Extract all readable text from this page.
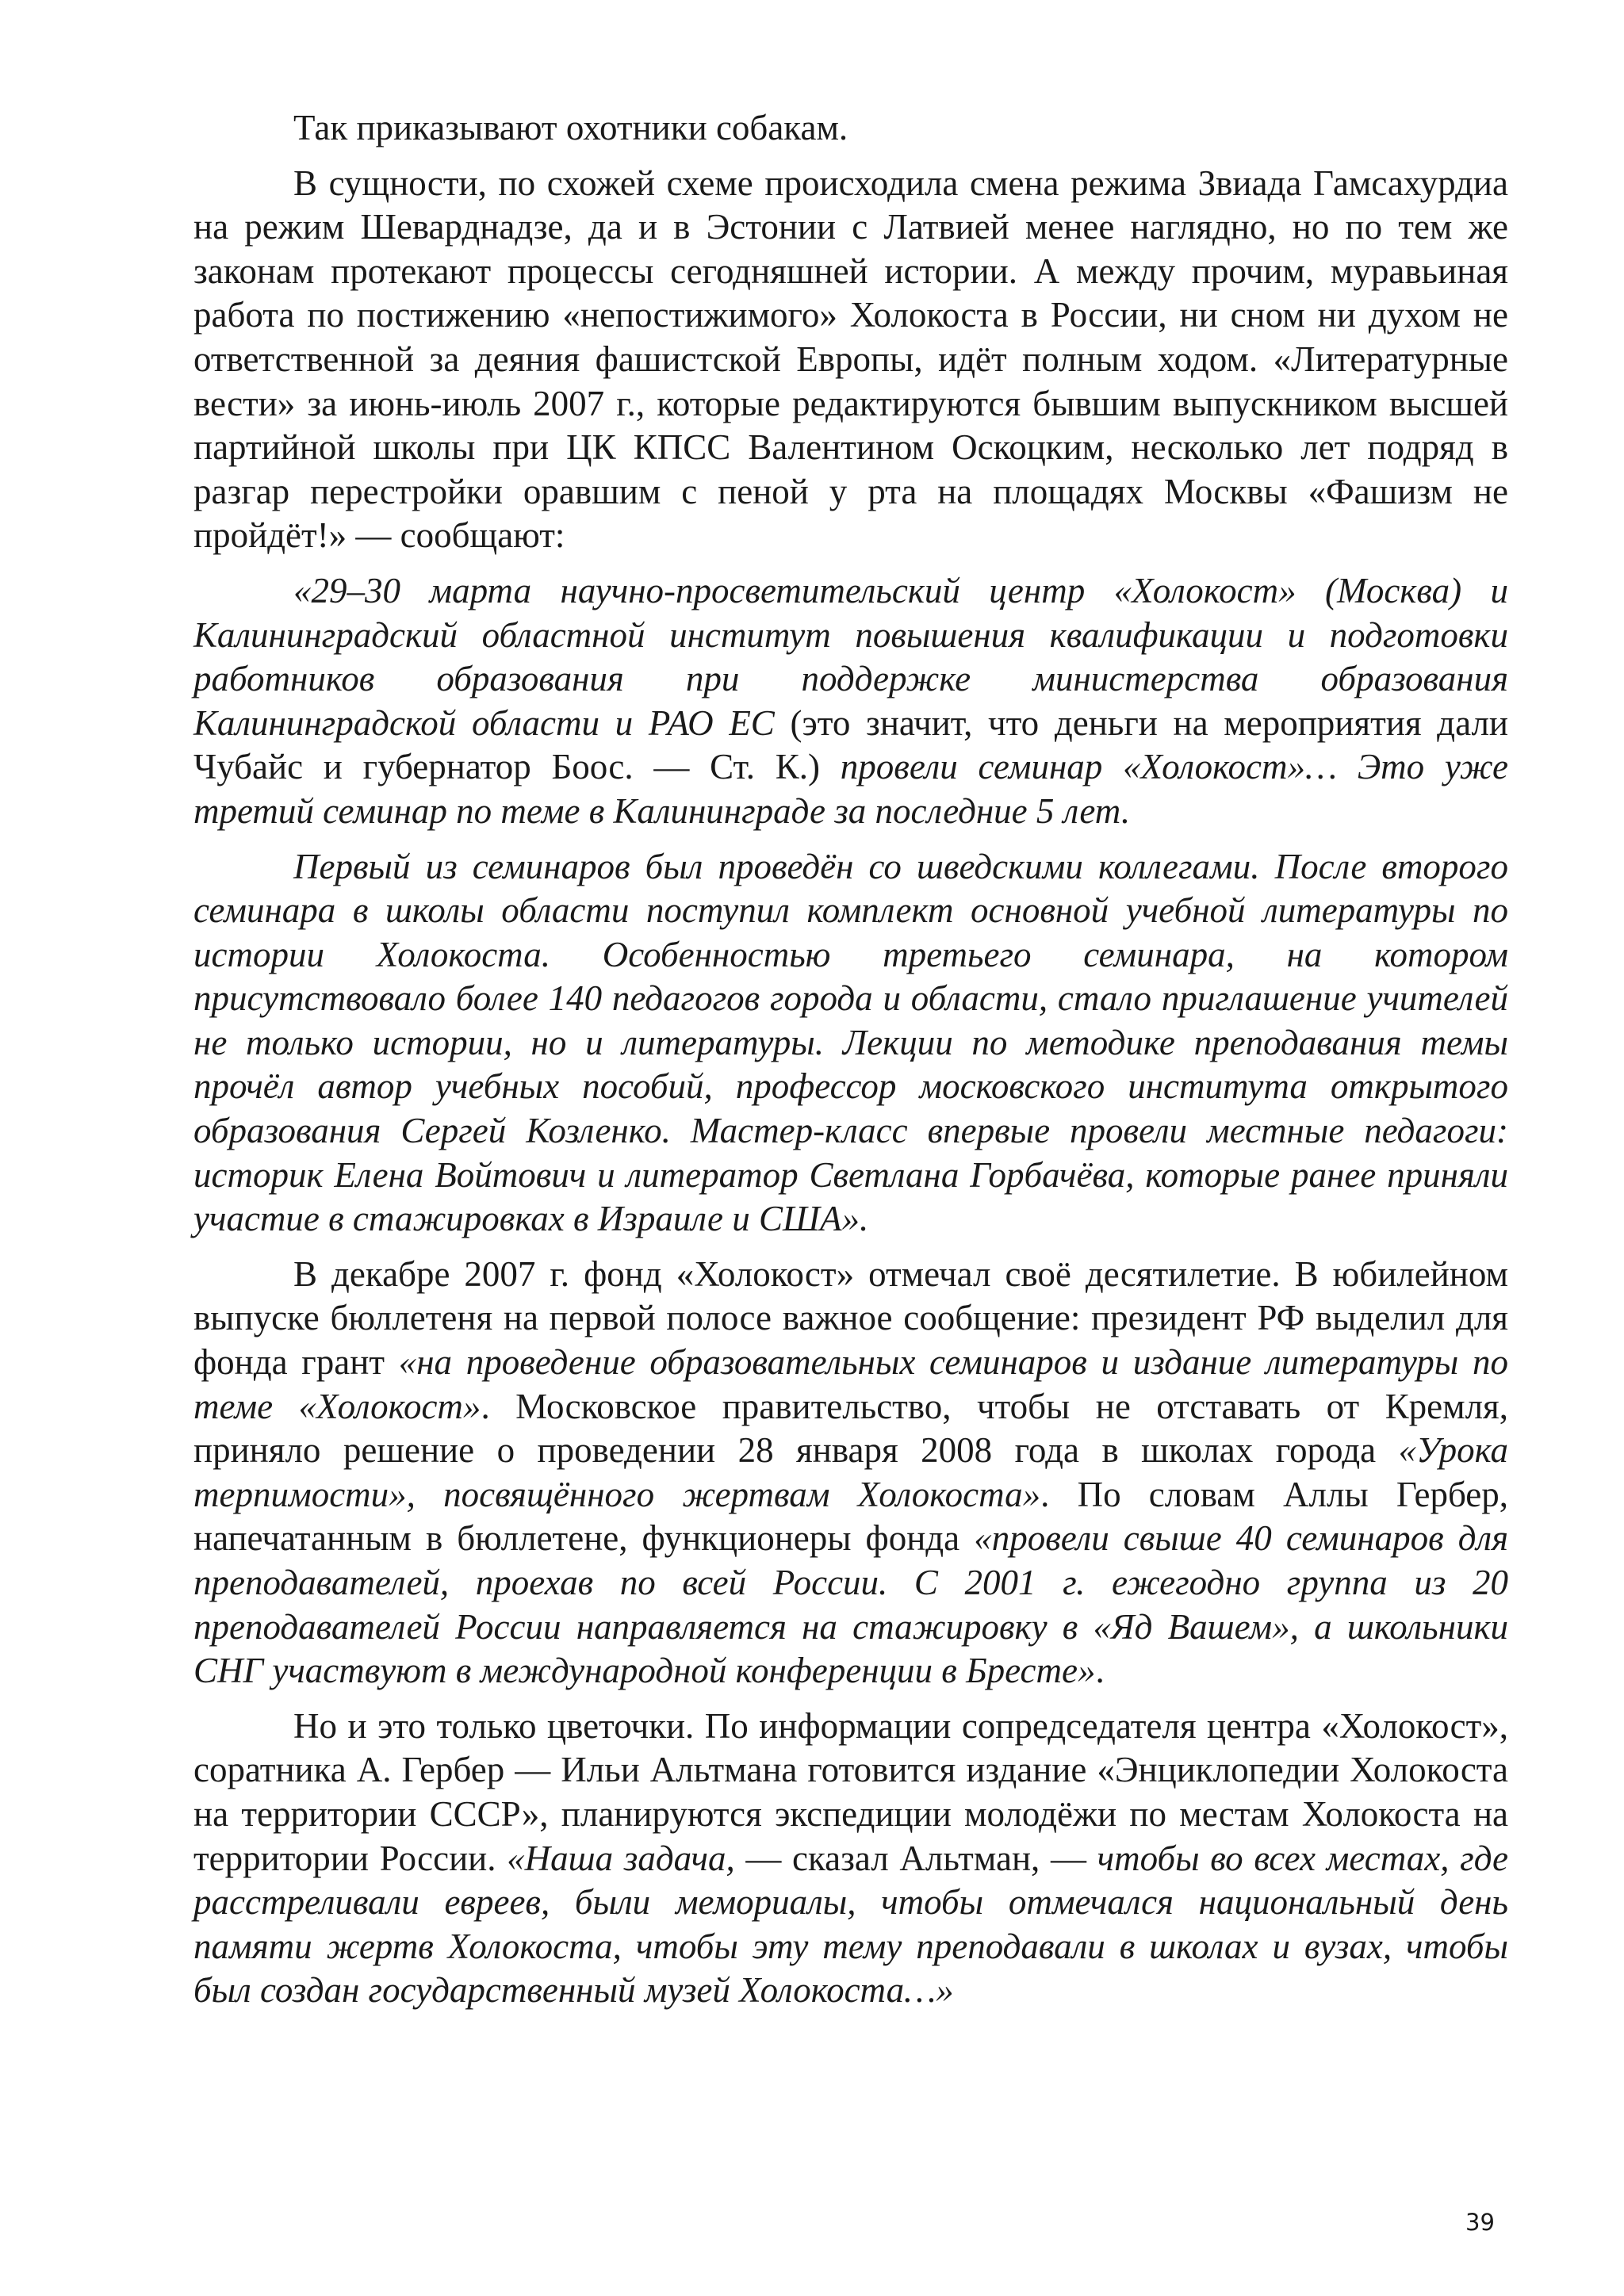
Так приказывают охотники собакам.

В сущности, по схожей схеме происходила смена режима Звиада Гамсахурдиа на режим Шеварднадзе, да и в Эстонии с Латвией менее наглядно, но по тем же законам протекают процессы сегодняшней истории. А между прочим, муравьиная работа по постижению «непостижимого» Холокоста в России, ни сном ни духом не ответственной за деяния фашистской Европы, идёт полным ходом. «Литературные вести» за июнь-июль 2007 г., которые редактируются бывшим выпускником высшей партийной школы при ЦК КПСС Валентином Оскоцким, несколько лет подряд в разгар перестройки оравшим с пеной у рта на площадях Москвы «Фашизм не пройдёт!» — сообщают:

«29–30 марта научно-просветительский центр «Холокост» (Москва) и Калининградский областной институт повышения квалификации и подготовки работников образования при поддержке министерства образования Калининградской области и РАО ЕС (это значит, что деньги на мероприятия дали Чубайс и губернатор Боос. — Ст. К.) провели семинар «Холокост»… Это уже третий семинар по теме в Калининграде за последние 5 лет.

Первый из семинаров был проведён со шведскими коллегами. После второго семинара в школы области поступил комплект основной учебной литературы по истории Холокоста. Особенностью третьего семинара, на котором присутствовало более 140 педагогов города и области, стало приглашение учителей не только истории, но и литературы. Лекции по методике преподавания темы прочёл автор учебных пособий, профессор московского института открытого образования Сергей Козленко. Мастер-класс впервые провели местные педагоги: историк Елена Войтович и литератор Светлана Горбачёва, которые ранее приняли участие в стажировках в Израиле и США».

В декабре 2007 г. фонд «Холокост» отмечал своё десятилетие. В юбилейном выпуске бюллетеня на первой полосе важное сообщение: президент РФ выделил для фонда грант «на проведение образовательных семинаров и издание литературы по теме «Холокост». Московское правительство, чтобы не отставать от Кремля, приняло решение о проведении 28 января 2008 года в школах города «Урока терпимости», посвящённого жертвам Холокоста». По словам Аллы Гербер, напечатанным в бюллетене, функционеры фонда «провели свыше 40 семинаров для преподавателей, проехав по всей России. С 2001 г. ежегодно группа из 20 преподавателей России направляется на стажировку в «Яд Вашем», а школьники СНГ участвуют в международной конференции в Бресте».

Но и это только цветочки. По информации сопредседателя центра «Холокост», соратника А. Гербер — Ильи Альтмана готовится издание «Энциклопедии Холокоста на территории СССР», планируются экспедиции молодёжи по местам Холокоста на территории России. «Наша задача, — сказал Альтман, — чтобы во всех местах, где расстреливали евреев, были мемориалы, чтобы отмечался национальный день памяти жертв Холокоста, чтобы эту тему преподавали в школах и вузах, чтобы был создан государственный музей Холокоста…»

39
